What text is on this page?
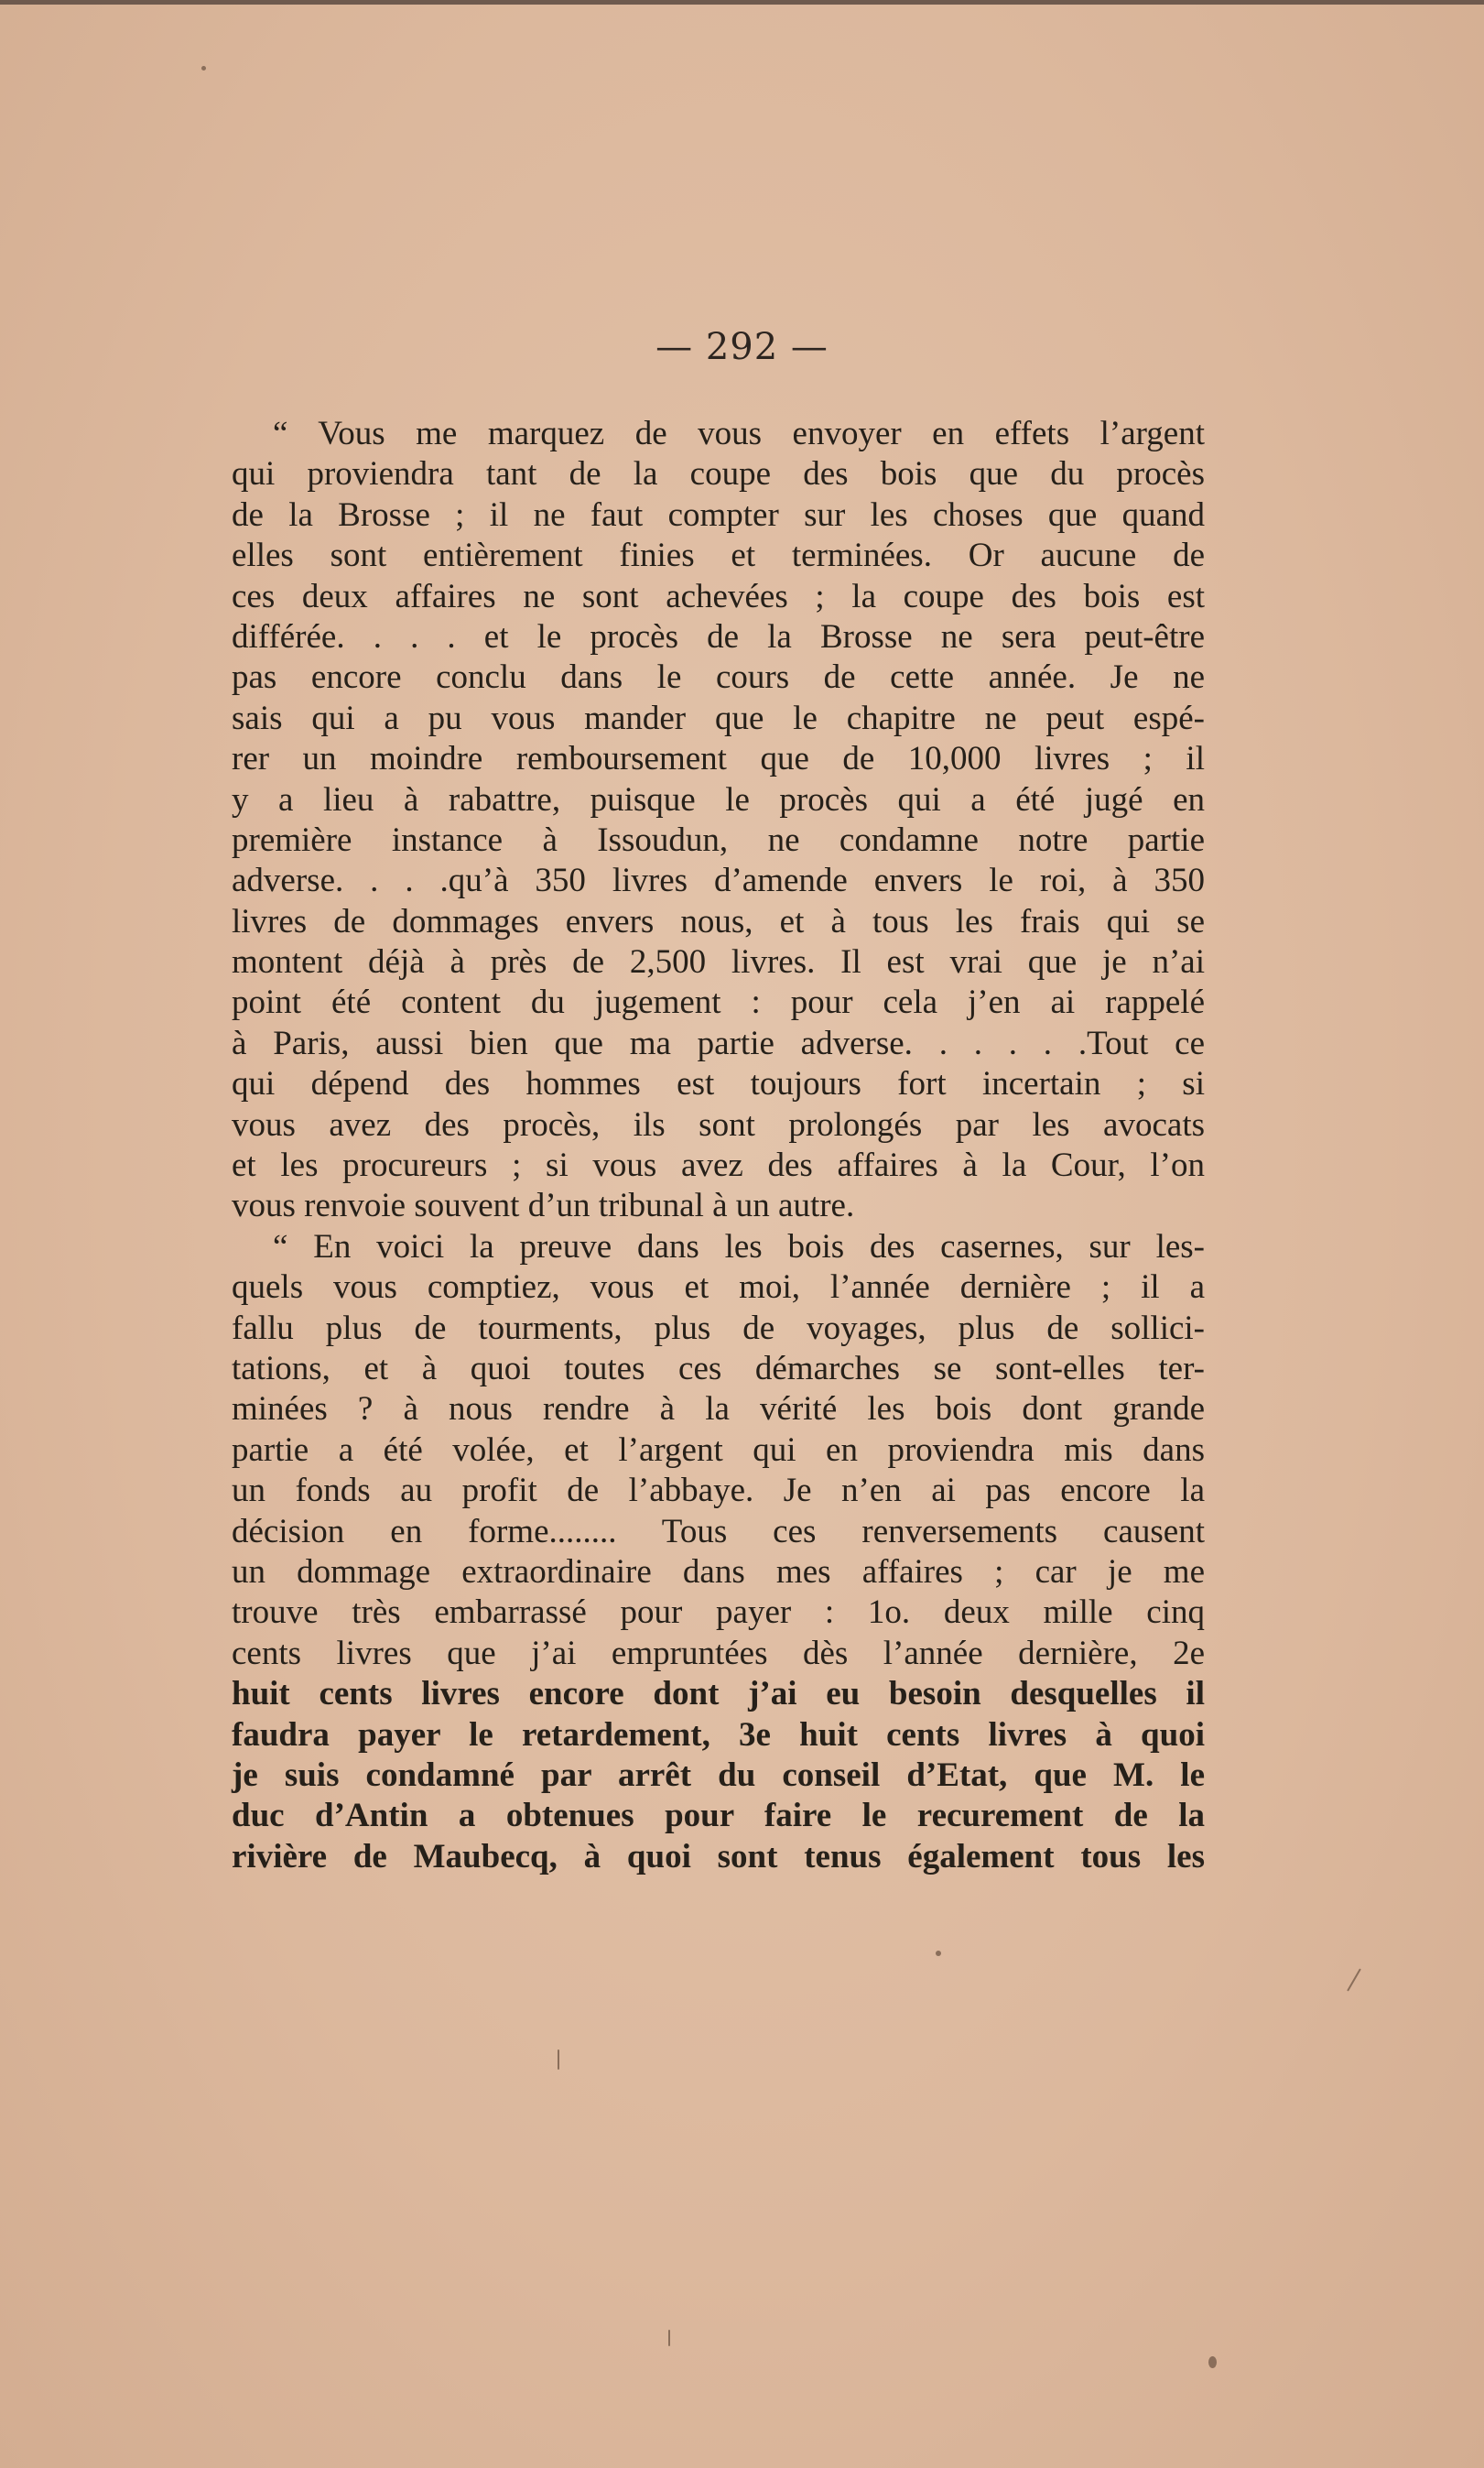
— 292 —
“ Vous me marquez de vous envoyer en effets l’argent
qui proviendra tant de la coupe des bois que du procès
de la Brosse ; il ne faut compter sur les choses que quand
elles sont entièrement finies et terminées. Or aucune de
ces deux affaires ne sont achevées ; la coupe des bois est
différée. . . . et le procès de la Brosse ne sera peut-être
pas encore conclu dans le cours de cette année. Je ne
sais qui a pu vous mander que le chapitre ne peut espé-
rer un moindre remboursement que de 10,000 livres ; il
y a lieu à rabattre, puisque le procès qui a été jugé en
première instance à Issoudun, ne condamne notre partie
adverse. . . .qu’à 350 livres d’amende envers le roi, à 350
livres de dommages envers nous, et à tous les frais qui se
montent déjà à près de 2,500 livres. Il est vrai que je n’ai
point été content du jugement : pour cela j’en ai rappelé
à Paris, aussi bien que ma partie adverse. . . . . .Tout ce
qui dépend des hommes est toujours fort incertain ; si
vous avez des procès, ils sont prolongés par les avocats
et les procureurs ; si vous avez des affaires à la Cour, l’on
vous renvoie souvent d’un tribunal à un autre.
“ En voici la preuve dans les bois des casernes, sur les-
quels vous comptiez, vous et moi, l’année dernière ; il a
fallu plus de tourments, plus de voyages, plus de sollici-
tations, et à quoi toutes ces démarches se sont-elles ter-
minées ? à nous rendre à la vérité les bois dont grande
partie a été volée, et l’argent qui en proviendra mis dans
un fonds au profit de l’abbaye. Je n’en ai pas encore la
décision en forme........ Tous ces renversements causent
un dommage extraordinaire dans mes affaires ; car je me
trouve très embarrassé pour payer : 1o. deux mille cinq
cents livres que j’ai empruntées dès l’année dernière, 2e
huit cents livres encore dont j’ai eu besoin desquelles il
faudra payer le retardement, 3e huit cents livres à quoi
je suis condamné par arrêt du conseil d’Etat, que M. le
duc d’Antin a obtenues pour faire le recurement de la
rivière de Maubecq, à quoi sont tenus également tous les
